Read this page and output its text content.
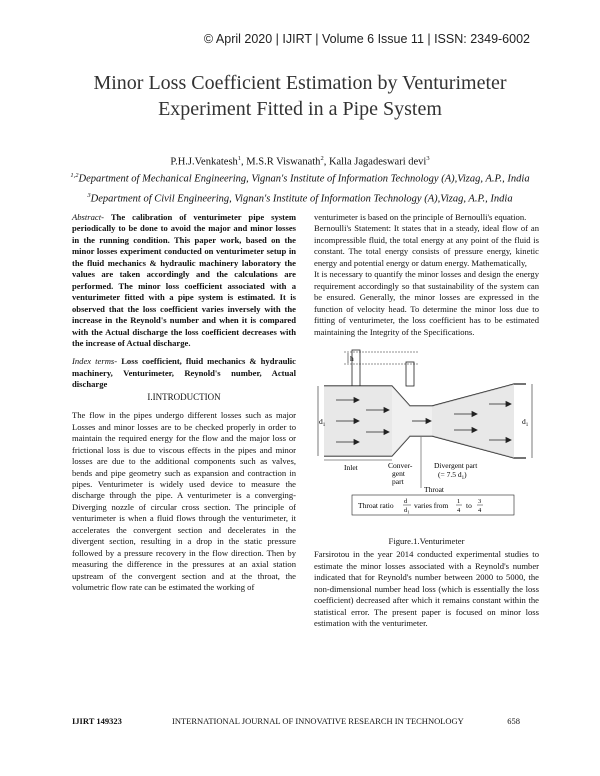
© April 2020 | IJIRT | Volume 6 Issue 11 | ISSN: 2349-6002
Minor Loss Coefficient Estimation by Venturimeter
Experiment Fitted in a Pipe System
P.H.J.Venkatesh$^1$, M.S.R Viswanath$^2$, Kalla Jagadeswari devi$^3$
$^{1,2}$Department of Mechanical Engineering, Vignan's Institute of Information Technology (A),Vizag, A.P., India
$^3$Department of Civil Engineering, Vignan's Institute of Information Technology (A),Vizag, A.P., India

Abstract- The calibration of venturimeter pipe system periodically to be done to avoid the major and minor losses in the running condition. This paper work, based on the minor losses experiment conducted on venturimeter setup in the fluid mechanics & hydraulic machinery laboratory the values are taken accordingly and the calculations are performed. The minor loss coefficient associated with a venturimeter fitted with a pipe system is estimated. It is observed that the loss coefficient varies inversely with the increase in the Reynold's number and when it is compared with the Actual discharge the loss coefficient decreases with the increase of Actual discharge.

Index terms- Loss coefficient, fluid mechanics & hydraulic machinery, Venturimeter, Reynold's number, Actual discharge

I.INTRODUCTION

The flow in the pipes undergo different losses such as major Losses and minor losses are to be checked properly in order to maintain the required energy for the flow and the major loss or frictional loss is due to viscous effects in the pipes and minor losses are due to the additional components such as valves, bends and pipe geometry such as expansion and contraction in pipes. Venturimeter is widely used device to measure the discharge through the pipe. A venturimeter is a converging-Diverging nozzle of circular cross section. The principle of venturimeter is when a fluid flows through the venturimeter, it accelerates the convergent section and decelerates in the divergent section, resulting in a drop in the static pressure followed by a pressure recovery in the flow direction. Then by measuring the difference in the pressures at an axial station upstream of the convergent section and at the throat, the volumetric flow rate can be estimated the working of

venturimeter is based on the principle of Bernoulli's equation.

Bernoulli's Statement: It states that in a steady, ideal flow of an incompressible fluid, the total energy at any point of the fluid is constant. The total energy consists of pressure energy, kinetic energy and potential energy or datum energy. Mathematically,

It is necessary to quantify the minor losses and design the energy requirement accordingly so that sustainability of the system can be ensured. Generally, the minor losses are expressed in the function of velocity head. To determine the minor loss due to fitting of venturimeter, the loss coefficient has to be estimated maintaining the Integrity of the Specifications.

h
$d_1$	$d_1$
Inlet	Conver-
gent
part
Divergent part
(= 7.5 $d_1$)
Throat
Throat ratio d
$d_1$
varies from 1
4
to 3
4
Figure.1.Venturimeter

Farsirotou in the year 2014 conducted experimental studies to estimate the minor losses associated with a Reynold's number indicated that for Reynold's number between 2000 to 5000, the non-dimensional number head loss (which is essentially the loss coefficient) decreased after which it remains constant within the statistical error. The present paper is focused on minor loss estimation with the venturimeter.

IJIRT 149323	INTERNATIONAL JOURNAL OF INNOVATIVE RESEARCH IN TECHNOLOGY	658
